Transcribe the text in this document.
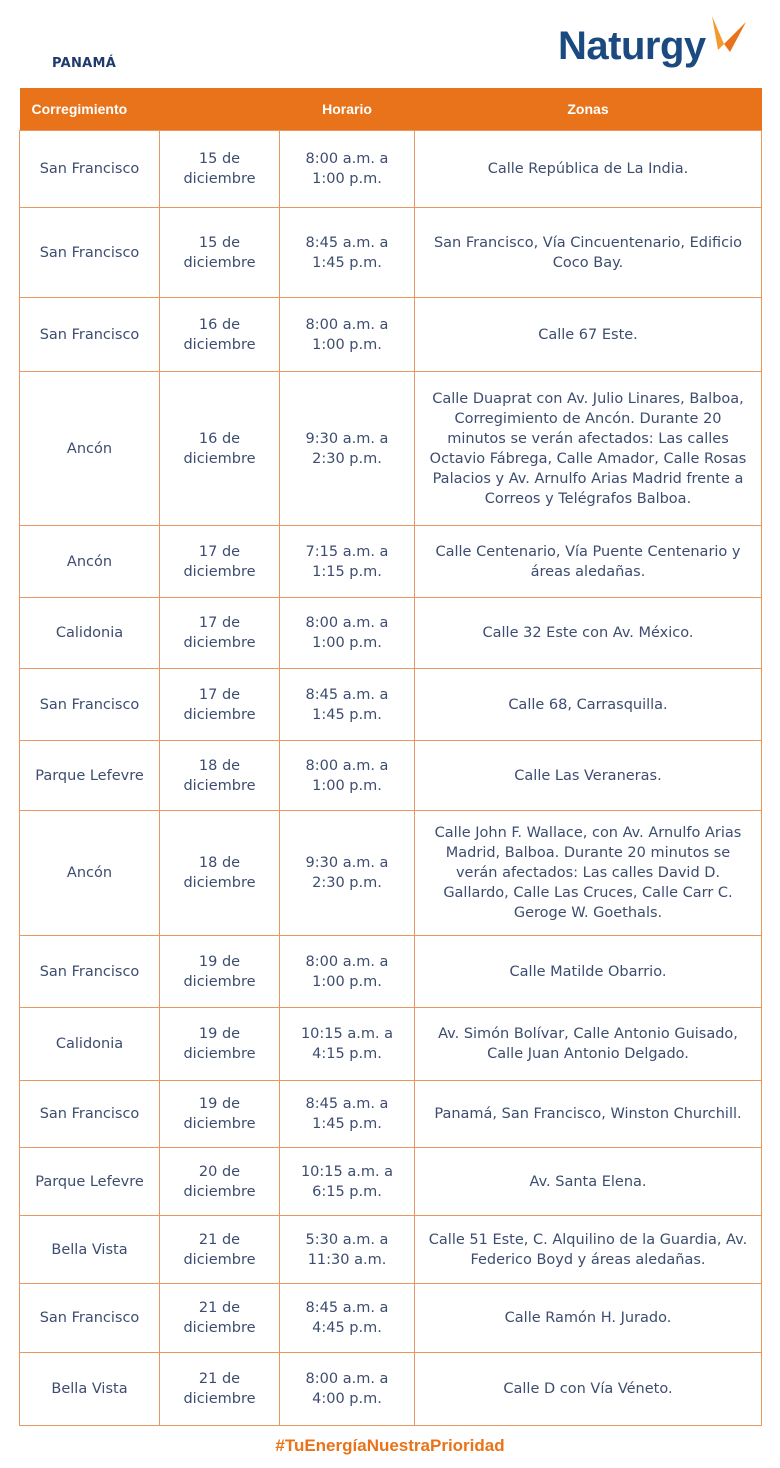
PANAMÁ	Naturgy
Corregimiento		Horario	Zonas
San Francisco	15 de diciembre	8:00 a.m. a 1:00 p.m.	Calle República de La India.
San Francisco	15 de diciembre	8:45 a.m. a 1:45 p.m.	San Francisco, Vía Cincuentenario, Edificio Coco Bay.
San Francisco	16 de diciembre	8:00 a.m. a 1:00 p.m.	Calle 67 Este.
Ancón	16 de diciembre	9:30 a.m. a 2:30 p.m.	Calle Duaprat con Av. Julio Linares, Balboa, Corregimiento de Ancón. Durante 20 minutos se verán afectados: Las calles Octavio Fábrega, Calle Amador, Calle Rosas Palacios y Av. Arnulfo Arias Madrid frente a Correos y Telégrafos Balboa.
Ancón	17 de diciembre	7:15 a.m. a 1:15 p.m.	Calle Centenario, Vía Puente Centenario y áreas aledañas.
Calidonia	17 de diciembre	8:00 a.m. a 1:00 p.m.	Calle 32 Este con Av. México.
San Francisco	17 de diciembre	8:45 a.m. a 1:45 p.m.	Calle 68, Carrasquilla.
Parque Lefevre	18 de diciembre	8:00 a.m. a 1:00 p.m.	Calle Las Veraneras.
Ancón	18 de diciembre	9:30 a.m. a 2:30 p.m.	Calle John F. Wallace, con Av. Arnulfo Arias Madrid, Balboa. Durante 20 minutos se verán afectados: Las calles David D. Gallardo, Calle Las Cruces, Calle Carr C. Geroge W. Goethals.
San Francisco	19 de diciembre	8:00 a.m. a 1:00 p.m.	Calle Matilde Obarrio.
Calidonia	19 de diciembre	10:15 a.m. a 4:15 p.m.	Av. Simón Bolívar, Calle Antonio Guisado, Calle Juan Antonio Delgado.
San Francisco	19 de diciembre	8:45 a.m. a 1:45 p.m.	Panamá, San Francisco, Winston Churchill.
Parque Lefevre	20 de diciembre	10:15 a.m. a 6:15 p.m.	Av. Santa Elena.
Bella Vista	21 de diciembre	5:30 a.m. a 11:30 a.m.	Calle 51 Este, C. Alquilino de la Guardia, Av. Federico Boyd y áreas aledañas.
San Francisco	21 de diciembre	8:45 a.m. a 4:45 p.m.	Calle Ramón H. Jurado.
Bella Vista	21 de diciembre	8:00 a.m. a 4:00 p.m.	Calle D con Vía Véneto.
#TuEnergíaNuestraPrioridad
